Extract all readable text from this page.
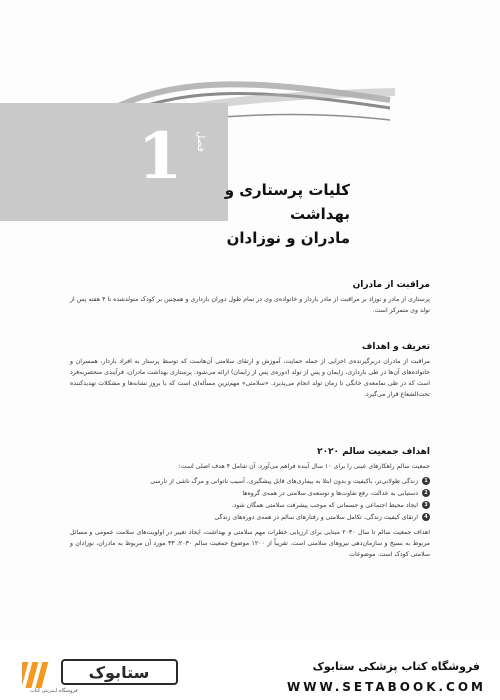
1	فصل
کلیات پرستاری و بهداشت
مادران و نوزادان
مراقبت از مادران

پرستاری از مادر و نوزاد بر مراقبت از مادر باردار و خانواده‌ی وی در تمام طول دوران بارداری و همچنین بر کودک متولدشده تا ۴ هفته پس از تولد وی متمرکز است.

تعریف و اهداف

مراقبت از مادران دربرگیرنده‌ی اجزایی از جمله حمایت، آموزش و ارتقای سلامتی آن‌هاست که توسط پرستار به افراد باردار، همسران و خانواده‌های آن‌ها در طی بارداری، زایمان و پس از تولد (دوره‌ی پس از زایمان) ارائه می‌شود. پرستاری بهداشت مادران، فرآیندی منحصربه‌فرد است که در طی نمامعه‌ی خانگی تا زمان تولد انجام می‌پذیرد. «سلامتی» مهم‌ترین مسأله‌ای است که با بروز نشانه‌ها و مشکلات تهدیدکننده تحت‌الشعاع قرار می‌گیرد.

اهداف جمعیت سالم ۲۰۲۰

جمعیت سالم راهکارهای عینی را برای ۱۰ سال آینده فراهم می‌آورد. آن شامل ۴ هدف اصلی است:

1
زندگی طولانی‌تر، باکیفیت و بدون ابتلا به بیماری‌های قابل پیشگیری، آسیب ناتوانی و مرگ ناشی از نارسی
2
دستیابی به عدالت، رفع تفاوت‌ها و توسعه‌ی سلامتی در همه‌ی گروه‌ها
3
ایجاد محیط اجتماعی و جسمانی که موجب پیشرفت سلامتی همگان شود.
4
ارتقای کیفیت زندگی، تکامل سلامتی و رفتارهای سالم در همه‌ی دوره‌های زندگی

اهداف جمعیت سالم تا سال ۲۰۳۰ مبنایی برای ارزیابی خطرات مهم سلامتی و بهداشت، ایجاد تغییر در اولویت‌های سلامت عمومی و مسائل مربوط به بسیج و سازمان‌دهی نیروهای سلامتی است. تقریباً از ۱۲۰۰ موضوع جمعیت سالم ۲۰۳۰، ۳۳ مورد آن مربوط به مادران، نوزادان و سلامتی کودک است. موضوعات

ستابوک
فروشگاه اینترنتی کتاب
فروشگاه کتاب پزشکی ستابوک
WWW.SETABOOK.COM
